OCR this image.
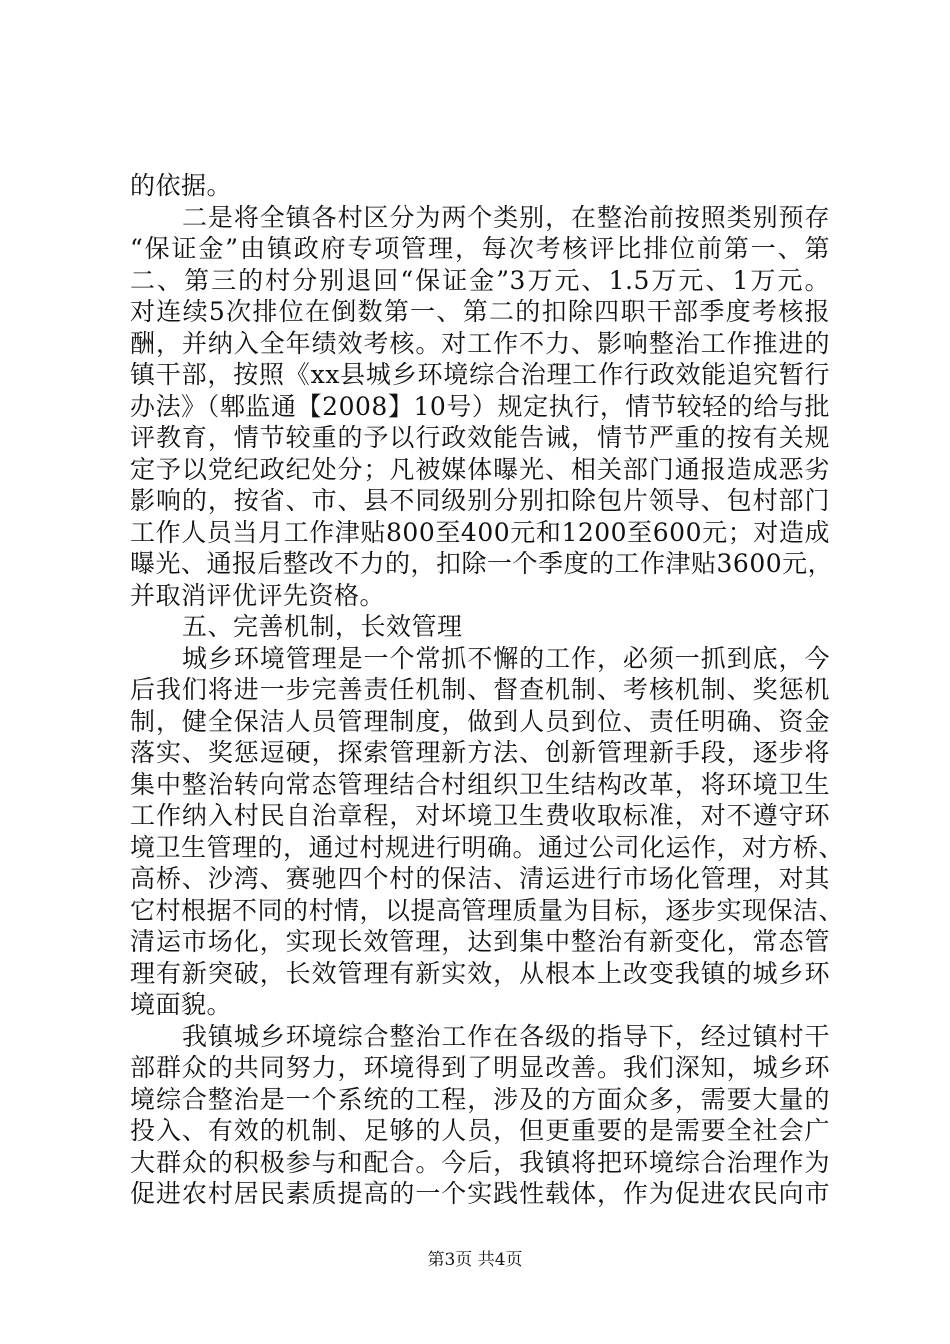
的依据。
二是将全镇各村区分为两个类别，在整治前按照类别预存
“保证金”由镇政府专项管理，每次考核评比排位前第一、第
二、第三的村分别退回“保证金”3万元、1.5万元、1万元。
对连续5次排位在倒数第一、第二的扣除四职干部季度考核报
酬，并纳入全年绩效考核。对工作不力、影响整治工作推进的
镇干部，按照《xx县城乡环境综合治理工作行政效能追究暂行
办法》（郫监通【2008】10号）规定执行，情节较轻的给与批
评教育，情节较重的予以行政效能告诫，情节严重的按有关规
定予以党纪政纪处分；凡被媒体曝光、相关部门通报造成恶劣
影响的，按省、市、县不同级别分别扣除包片领导、包村部门
工作人员当月工作津贴800至400元和1200至600元；对造成
曝光、通报后整改不力的，扣除一个季度的工作津贴3600元，
并取消评优评先资格。
五、完善机制，长效管理
城乡环境管理是一个常抓不懈的工作，必须一抓到底，今
后我们将进一步完善责任机制、督查机制、考核机制、奖惩机
制，健全保洁人员管理制度，做到人员到位、责任明确、资金
落实、奖惩逗硬，探索管理新方法、创新管理新手段，逐步将
集中整治转向常态管理结合村组织卫生结构改革，将环境卫生
工作纳入村民自治章程，对坏境卫生费收取标准，对不遵守环
境卫生管理的，通过村规进行明确。通过公司化运作，对方桥、
高桥、沙湾、赛驰四个村的保洁、清运进行市场化管理，对其
它村根据不同的村情，以提高管理质量为目标，逐步实现保洁、
清运市场化，实现长效管理，达到集中整治有新变化，常态管
理有新突破，长效管理有新实效，从根本上改变我镇的城乡环
境面貌。
我镇城乡环境综合整治工作在各级的指导下，经过镇村干
部群众的共同努力，环境得到了明显改善。我们深知，城乡环
境综合整治是一个系统的工程，涉及的方面众多，需要大量的
投入、有效的机制、足够的人员，但更重要的是需要全社会广
大群众的积极参与和配合。今后，我镇将把环境综合治理作为
促进农村居民素质提高的一个实践性载体，作为促进农民向市
第3页 共4页
